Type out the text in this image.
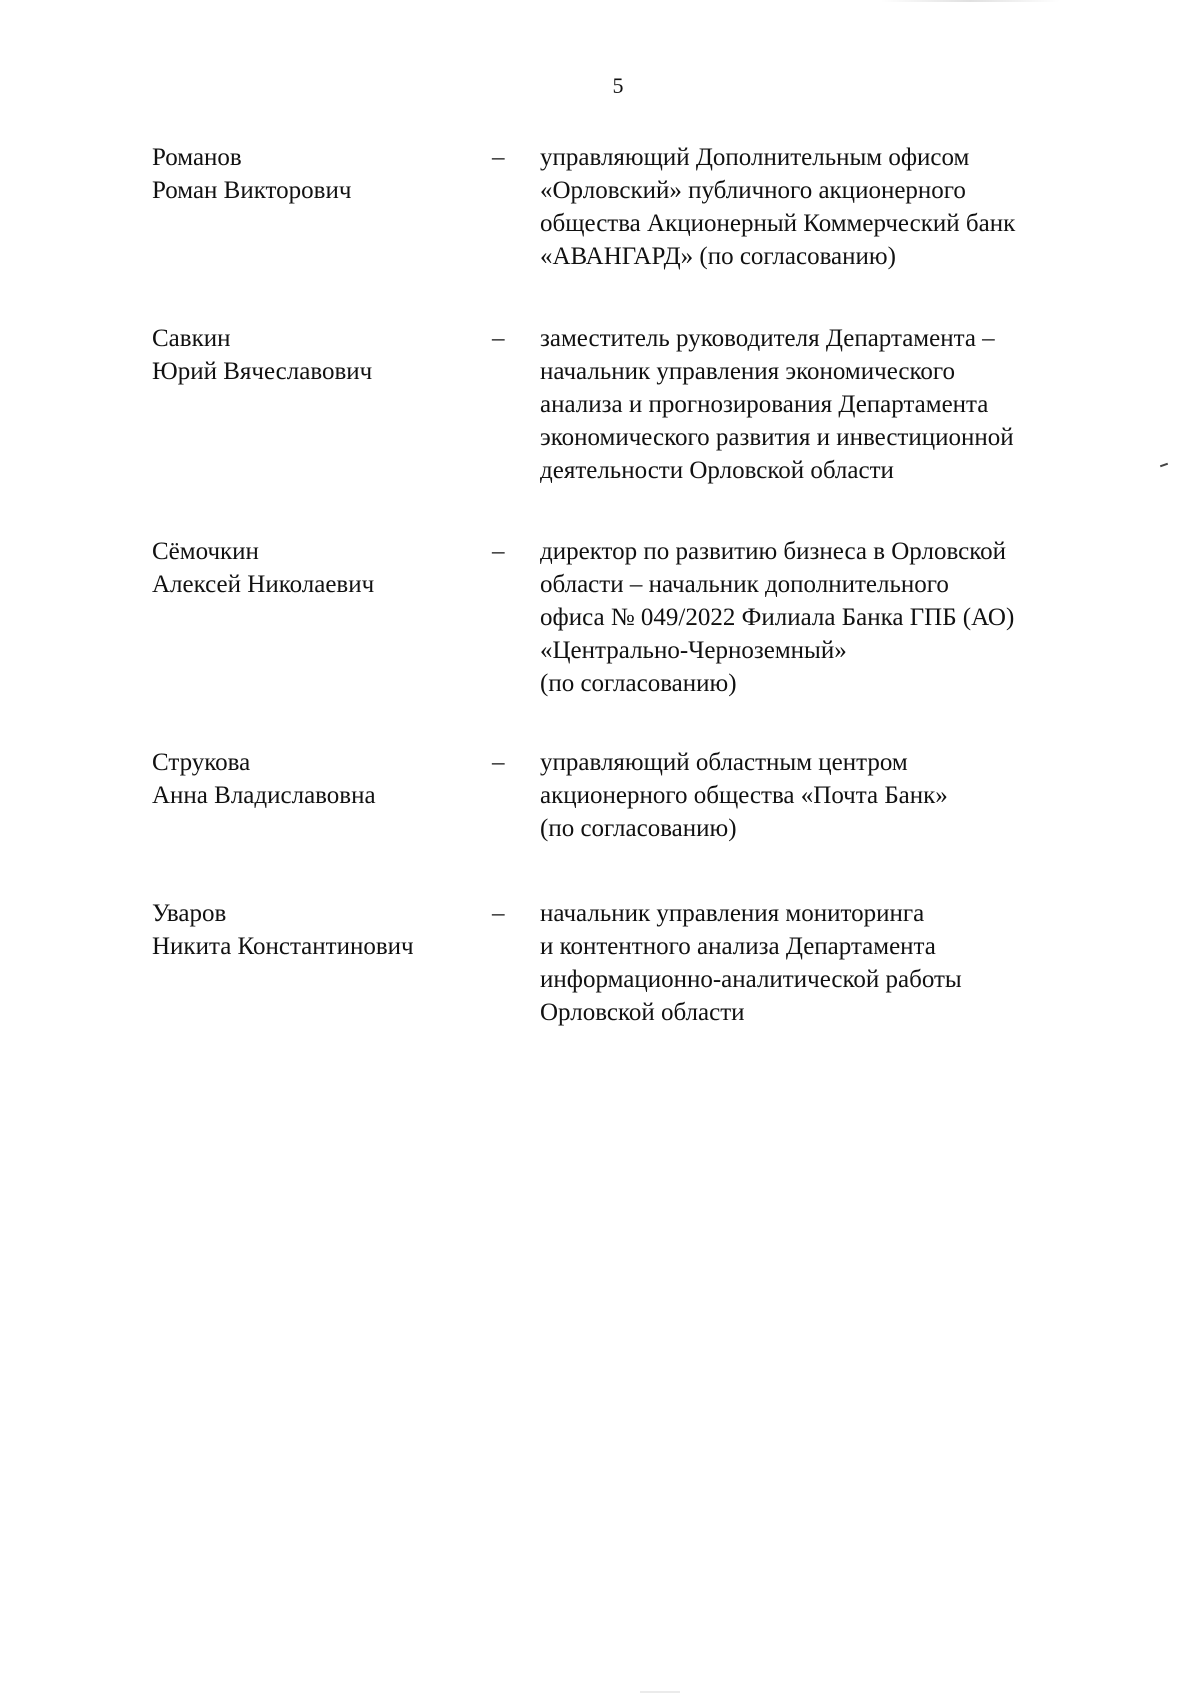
5
Романов
Роман Викторович
–	управляющий Дополнительным офисом
«Орловский» публичного акционерного
общества Акционерный Коммерческий банк
«АВАНГАРД» (по согласованию)
Савкин
Юрий Вячеславович
–	заместитель руководителя Департамента –
начальник управления экономического
анализа и прогнозирования Департамента
экономического развития и инвестиционной
деятельности Орловской области
Сёмочкин
Алексей Николаевич
–	директор по развитию бизнеса в Орловской
области – начальник дополнительного
офиса № 049/2022 Филиала Банка ГПБ (АО)
«Центрально-Черноземный»
(по согласованию)
Струкова
Анна Владиславовна
–	управляющий областным центром
акционерного общества «Почта Банк»
(по согласованию)
Уваров
Никита Константинович
–	начальник управления мониторинга
и контентного анализа Департамента
информационно-аналитической работы
Орловской области
